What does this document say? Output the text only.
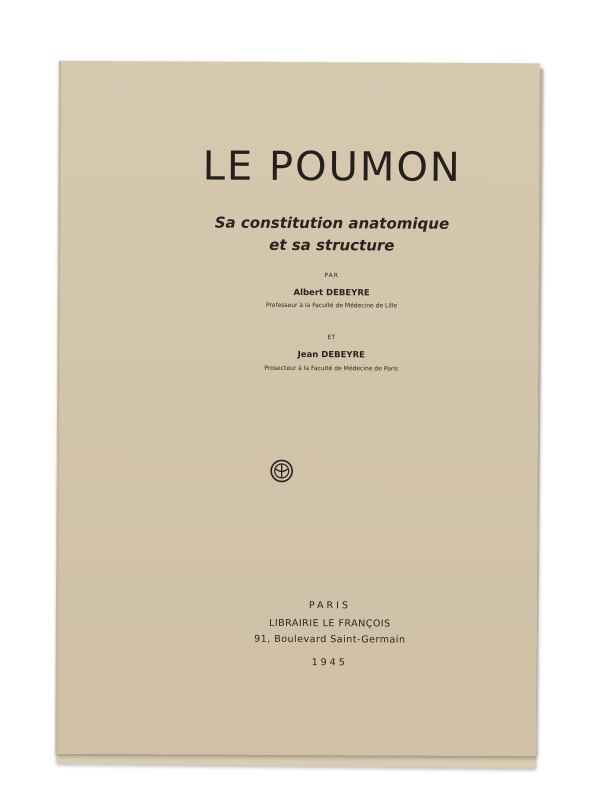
LE POUMON
Sa constitution anatomique
et sa structure
PAR
Albert DEBEYRE
Professeur à la Faculté de Médecine de Lille
ET
Jean DEBEYRE
Prosecteur à la Faculté de Médecine de Paris
PARIS
LIBRAIRIE LE FRANÇOIS
91, Boulevard Saint-Germain
1945
